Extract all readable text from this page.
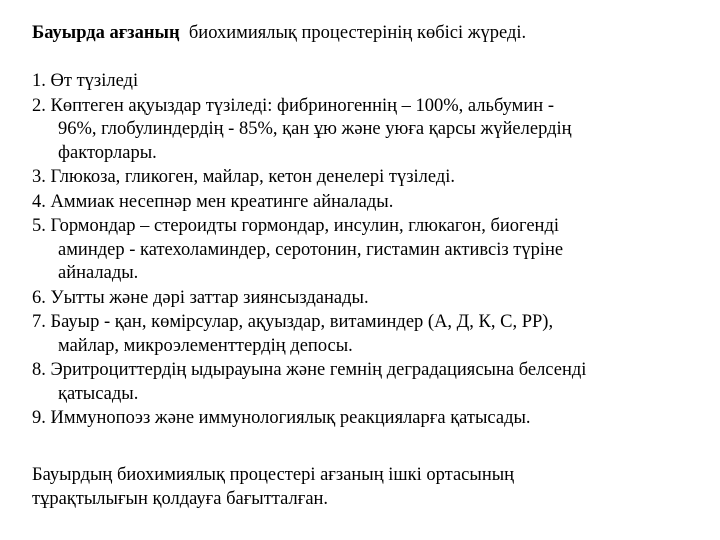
Бауырда ағзаның биохимиялық процестерінің көбісі жүреді.
1. Өт түзіледі
2. Көптеген ақуыздар түзіледі: фибриногеннің – 100%, альбумин -
96%, глобулиндердің - 85%, қан ұю және уюға қарсы жүйелердің
факторлары.
3. Глюкоза, гликоген, майлар, кетон денелері түзіледі.
4. Аммиак несепнәр мен креатинге айналады.
5. Гормондар – стероидты гормондар, инсулин, глюкагон, биогенді
аминдер - катехоламиндер, серотонин, гистамин активсіз түріне
айналады.
6. Уытты және дәрі заттар зиянсызданады.
7. Бауыр - қан, көмірсулар, ақуыздар, витаминдер (А, Д, К, С, РР),
майлар, микроэлементтердің депосы.
8. Эритроциттердің ыдырауына және гемнің деградациясына белсенді
қатысады.
9. Иммунопоэз және иммунологиялық реакцияларға қатысады.
Бауырдың биохимиялық процестері ағзаның ішкі ортасының
тұрақтылығын қолдауға бағытталған.
